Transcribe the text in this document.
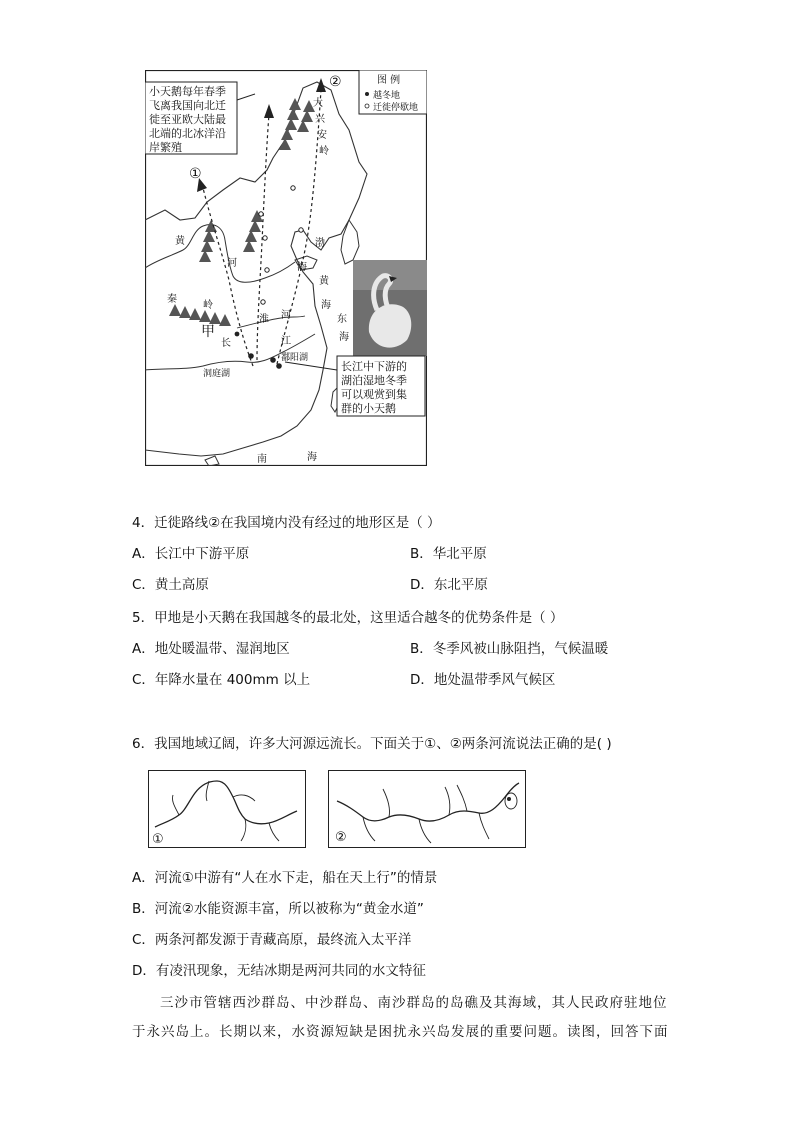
小天鹅每年春季
飞离我国向北迁
徙至亚欧大陆最
北端的北冰洋沿
岸繁殖
图 例
越冬地
迁徙停歇地
①
②
大
兴
安
岭
黄
河
渤
海
黄
海
秦
岭
淮 河
长	江
洞庭湖
鄱阳湖
东
海
南	海
甲
长江中下游的
湖泊湿地冬季
可以观赏到集
群的小天鹅
4．迁徙路线②在我国境内没有经过的地形区是（ ）
A．长江中下游平原	B．华北平原
C．黄土高原	D．东北平原
5．甲地是小天鹅在我国越冬的最北处，这里适合越冬的优势条件是（ ）
A．地处暖温带、湿润地区	B．冬季风被山脉阻挡，气候温暖
C．年降水量在 400mm 以上	D．地处温带季风气候区
6．我国地域辽阔，许多大河源远流长。下面关于①、②两条河流说法正确的是( )
①	②
A．河流①中游有“人在水下走，船在天上行”的情景
B．河流②水能资源丰富，所以被称为“黄金水道”
C．两条河都发源于青藏高原，最终流入太平洋
D．有凌汛现象，无结冰期是两河共同的水文特征
三沙市管辖西沙群岛、中沙群岛、南沙群岛的岛礁及其海域，其人民政府驻地位
于永兴岛上。长期以来，水资源短缺是困扰永兴岛发展的重要问题。读图，回答下面
